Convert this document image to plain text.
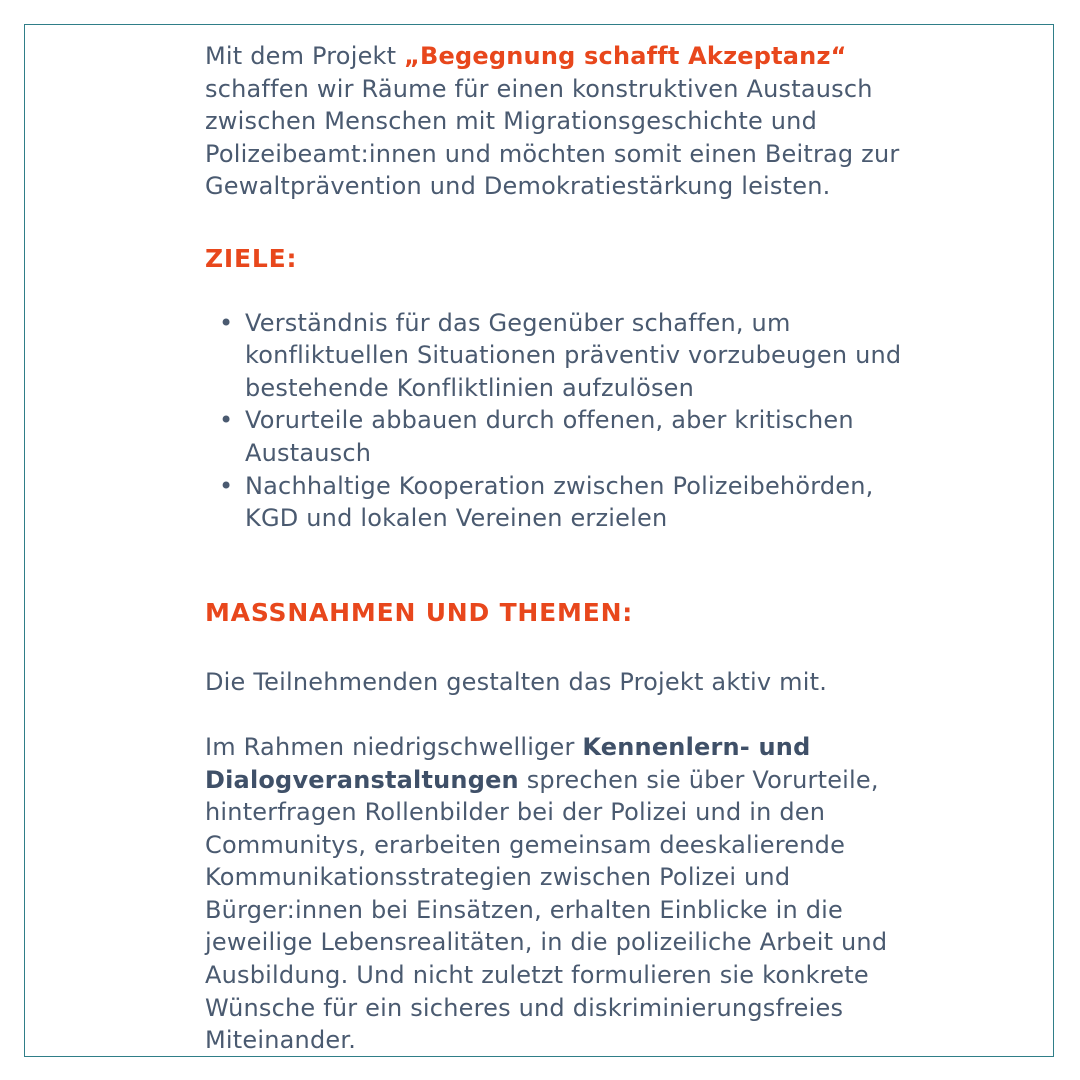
Mit dem Projekt „Begegnung schafft Akzeptanz“ schaffen wir Räume für einen konstruktiven Austausch zwischen Menschen mit Migrationsgeschichte und Polizeibeamt:innen und möchten somit einen Beitrag zur Gewaltprävention und Demokratiestärkung leisten.

ZIELE:
• Verständnis für das Gegenüber schaffen, um konfliktuellen Situationen präventiv vorzubeugen und bestehende Konfliktlinien aufzulösen
• Vorurteile abbauen durch offenen, aber kritischen Austausch
• Nachhaltige Kooperation zwischen Polizeibehörden, KGD und lokalen Vereinen erzielen
MASSNAHMEN UND THEMEN:

Die Teilnehmenden gestalten das Projekt aktiv mit.

Im Rahmen niedrigschwelliger Kennenlern- und Dialogveranstaltungen sprechen sie über Vorurteile, hinterfragen Rollenbilder bei der Polizei und in den Communitys, erarbeiten gemeinsam deeskalierende Kommunikationsstrategien zwischen Polizei und Bürger:innen bei Einsätzen, erhalten Einblicke in die jeweilige Lebensrealitäten, in die polizeiliche Arbeit und Ausbildung. Und nicht zuletzt formulieren sie konkrete Wünsche für ein sicheres und diskriminierungsfreies Miteinander.
